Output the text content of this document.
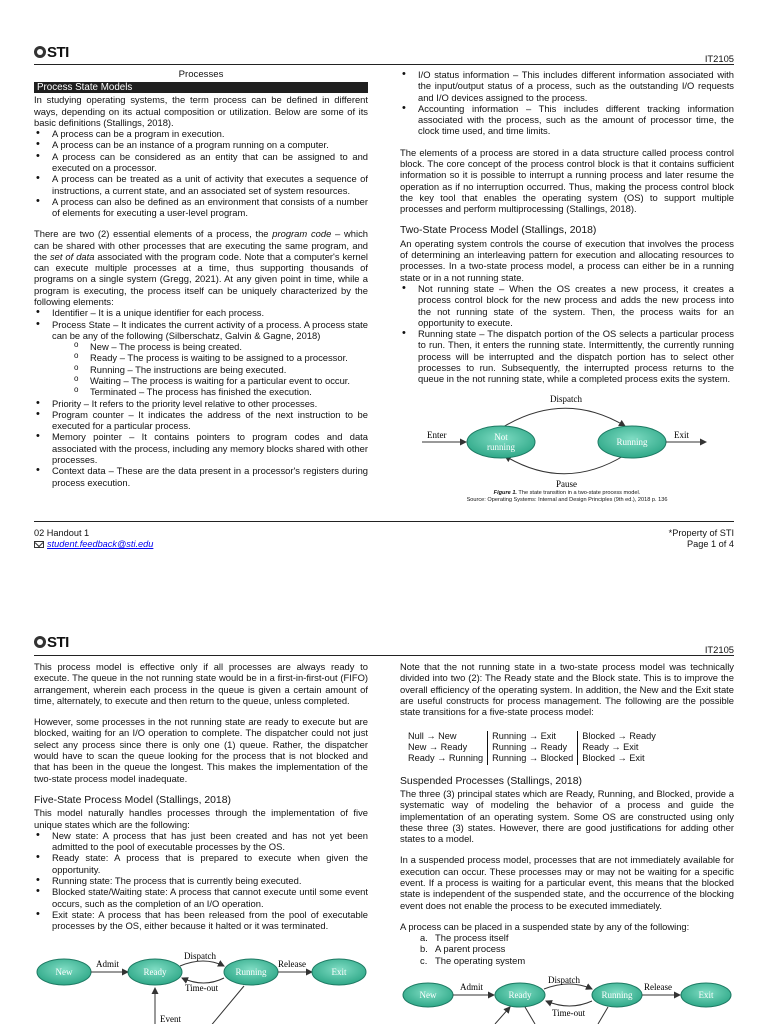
STI	IT2105
Processes
Process State Models

In studying operating systems, the term process can be defined in different ways, depending on its actual composition or utilization. Below are some of its basic definitions (Stallings, 2018).

• A process can be a program in execution.
• A process can be an instance of a program running on a computer.
• A process can be considered as an entity that can be assigned to and executed on a processor.
• A process can be treated as a unit of activity that executes a sequence of instructions, a current state, and an associated set of system resources.
• A process can also be defined as an environment that consists of a number of elements for executing a user-level program.

There are two (2) essential elements of a process, the program code – which can be shared with other processes that are executing the same program, and the set of data associated with the program code. Note that a computer's kernel can execute multiple processes at a time, thus supporting thousands of programs on a single system (Gregg, 2021). At any given point in time, while a program is executing, the process itself can be uniquely characterized by the following elements:

• Identifier – It is a unique identifier for each process.
• Process State – It indicates the current activity of a process. A process state can be any of the following (Silberschatz, Galvin & Gagne, 2018)
o New – The process is being created.
o Ready – The process is waiting to be assigned to a processor.
o Running – The instructions are being executed.
o Waiting – The process is waiting for a particular event to occur.
o Terminated – The process has finished the execution.
• Priority – It refers to the priority level relative to other processes.
• Program counter – It indicates the address of the next instruction to be executed for a particular process.
• Memory pointer – It contains pointers to program codes and data associated with the process, including any memory blocks shared with other processes.
• Context data – These are the data present in a processor's registers during process execution.
• I/O status information – This includes different information associated with the input/output status of a process, such as the outstanding I/O requests and I/O devices assigned to the process.
• Accounting information – This includes different tracking information associated with the process, such as the amount of processor time, the clock time used, and time limits.

The elements of a process are stored in a data structure called process control block. The core concept of the process control block is that it contains sufficient information so it is possible to interrupt a running process and later resume the operation as if no interruption occurred. Thus, making the process control block the key tool that enables the operating system (OS) to support multiple processes and perform multiprocessing (Stallings, 2018).

Two-State Process Model (Stallings, 2018)

An operating system controls the course of execution that involves the process of determining an interleaving pattern for execution and allocating resources to processes. In a two-state process model, a process can either be in a running state or in a not running state.

• Not running state – When the OS creates a new process, it creates a process control block for the new process and adds the new process into the not running state of the system. Then, the process waits for an opportunity to execute.
• Running state – The dispatch portion of the OS selects a particular process to run. Then, it enters the running state. Intermittently, the currently running process will be interrupted and the dispatch portion has to select other processes to run. Subsequently, the interrupted process returns to the queue in the not running state, while a completed process exits the system.
Dispatch
Pause
Enter	Not
running	Running
Exit
Figure 1. The state transition in a two-state process model.
Source: Operating Systems: Internal and Design Principles (9th ed.), 2018 p. 136
02 Handout 1
student.feedback@sti.edu
*Property of STI
Page 1 of 4
STI	IT2105

This process model is effective only if all processes are always ready to execute. The queue in the not running state would be in a first-in-first-out (FIFO) arrangement, wherein each process in the queue is given a certain amount of time, alternately, to execute and then return to the queue, unless completed.

However, some processes in the not running state are ready to execute but are blocked, waiting for an I/O operation to complete. The dispatcher could not just select any process since there is only one (1) queue. Rather, the dispatcher would have to scan the queue looking for the process that is not blocked and that has been in the queue the longest. This makes the implementation of the two-state process model inadequate.

Five-State Process Model (Stallings, 2018)

This model naturally handles processes through the implementation of five unique states which are the following:

• New state: A process that has just been created and has not yet been admitted to the pool of executable processes by the OS.
• Ready state: A process that is prepared to execute when given the opportunity.
• Running state: The process that is currently being executed.
• Blocked state/Waiting state: A process that cannot execute until some event occurs, such as the completion of an I/O operation.
• Exit state: A process that has been released from the pool of executable processes by the OS, either because it halted or it was terminated.
New
Admit
Ready
Dispatch
Time-out
Running
Release
Exit
Event

Note that the not running state in a two-state process model was technically divided into two (2): The Ready state and the Block state. This is to improve the overall efficiency of the operating system. In addition, the New and the Exit state are useful constructs for process management. The following are the possible state transitions for a five-state process model:

Null → New	Running → Exit	Blocked → Ready
New → Ready	Running → Ready	Ready → Exit
Ready → Running	Running → Blocked	Blocked → Exit
Suspended Processes (Stallings, 2018)

The three (3) principal states which are Ready, Running, and Blocked, provide a systematic way of modeling the behavior of a process and guide the implementation of an operating system. Some OS are constructed using only these three (3) states. However, there are good justifications for adding other states to a model.

In a suspended process model, processes that are not immediately available for execution can occur. These processes may or may not be waiting for a specific event. If a process is waiting for a particular event, this means that the blocked state is independent of the suspended state, and the occurrence of the blocking event does not enable the process to be executed immediately.

A process can be placed in a suspended state by any of the following:

a. The process itself
b. A parent process
c. The operating system
New
Admit
Ready
Dispatch
Time-out
Running
Release
Exit
